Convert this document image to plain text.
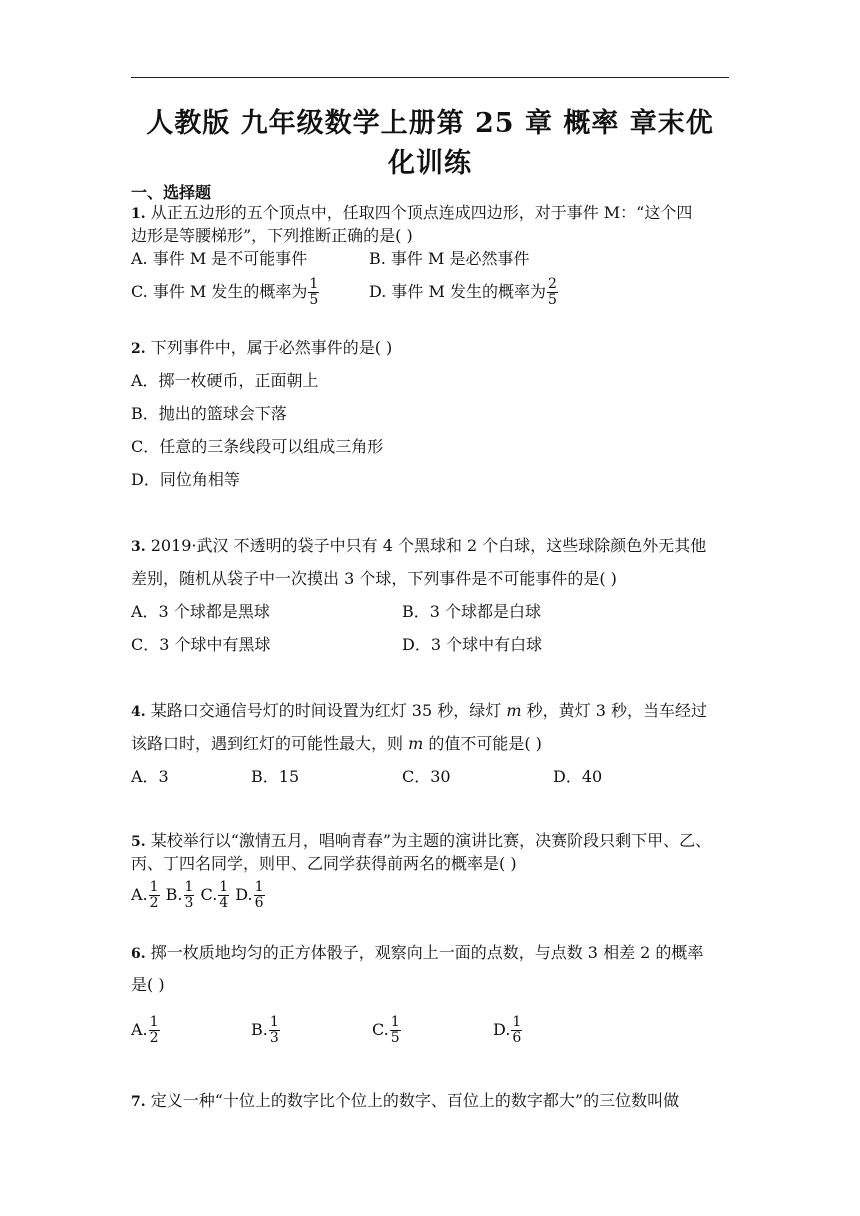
人教版 九年级数学上册第 25 章 概率 章末优
化训练
一、选择题
1. 从正五边形的五个顶点中，任取四个顶点连成四边形，对于事件 M：“这个四
边形是等腰梯形”，下列推断正确的是( )
A. 事件 M 是不可能事件	B. 事件 M 是必然事件
C. 事件 M 发生的概率为 $\frac{1}{5}$	D. 事件 M 发生的概率为 $\frac{2}{5}$
2. 下列事件中，属于必然事件的是( )
A．掷一枚硬币，正面朝上
B．抛出的篮球会下落
C．任意的三条线段可以组成三角形
D．同位角相等
3. 2019·武汉 不透明的袋子中只有 4 个黑球和 2 个白球，这些球除颜色外无其他
差别，随机从袋子中一次摸出 3 个球，下列事件是不可能事件的是( )
A．3 个球都是黑球	B．3 个球都是白球
C．3 个球中有黑球	D．3 个球中有白球
4. 某路口交通信号灯的时间设置为红灯 35 秒，绿灯 m 秒，黄灯 3 秒，当车经过
该路口时，遇到红灯的可能性最大，则 m 的值不可能是( )
A．3	B．15	C．30	D．40
5. 某校举行以“激情五月，唱响青春”为主题的演讲比赛，决赛阶段只剩下甲、乙、
丙、丁四名同学，则甲、乙同学获得前两名的概率是( )
A. $\frac{1}{2} B$. $\frac{1}{3} C$. $\frac{1}{4} D$. $\frac{1}{6}$
6. 掷一枚质地均匀的正方体骰子，观察向上一面的点数，与点数 3 相差 2 的概率
是( )
A. $\frac{1}{2}$	B. $\frac{1}{3}$	C. $\frac{1}{5}$	D. $\frac{1}{6}$
7. 定义一种“十位上的数字比个位上的数字、百位上的数字都大”的三位数叫做
